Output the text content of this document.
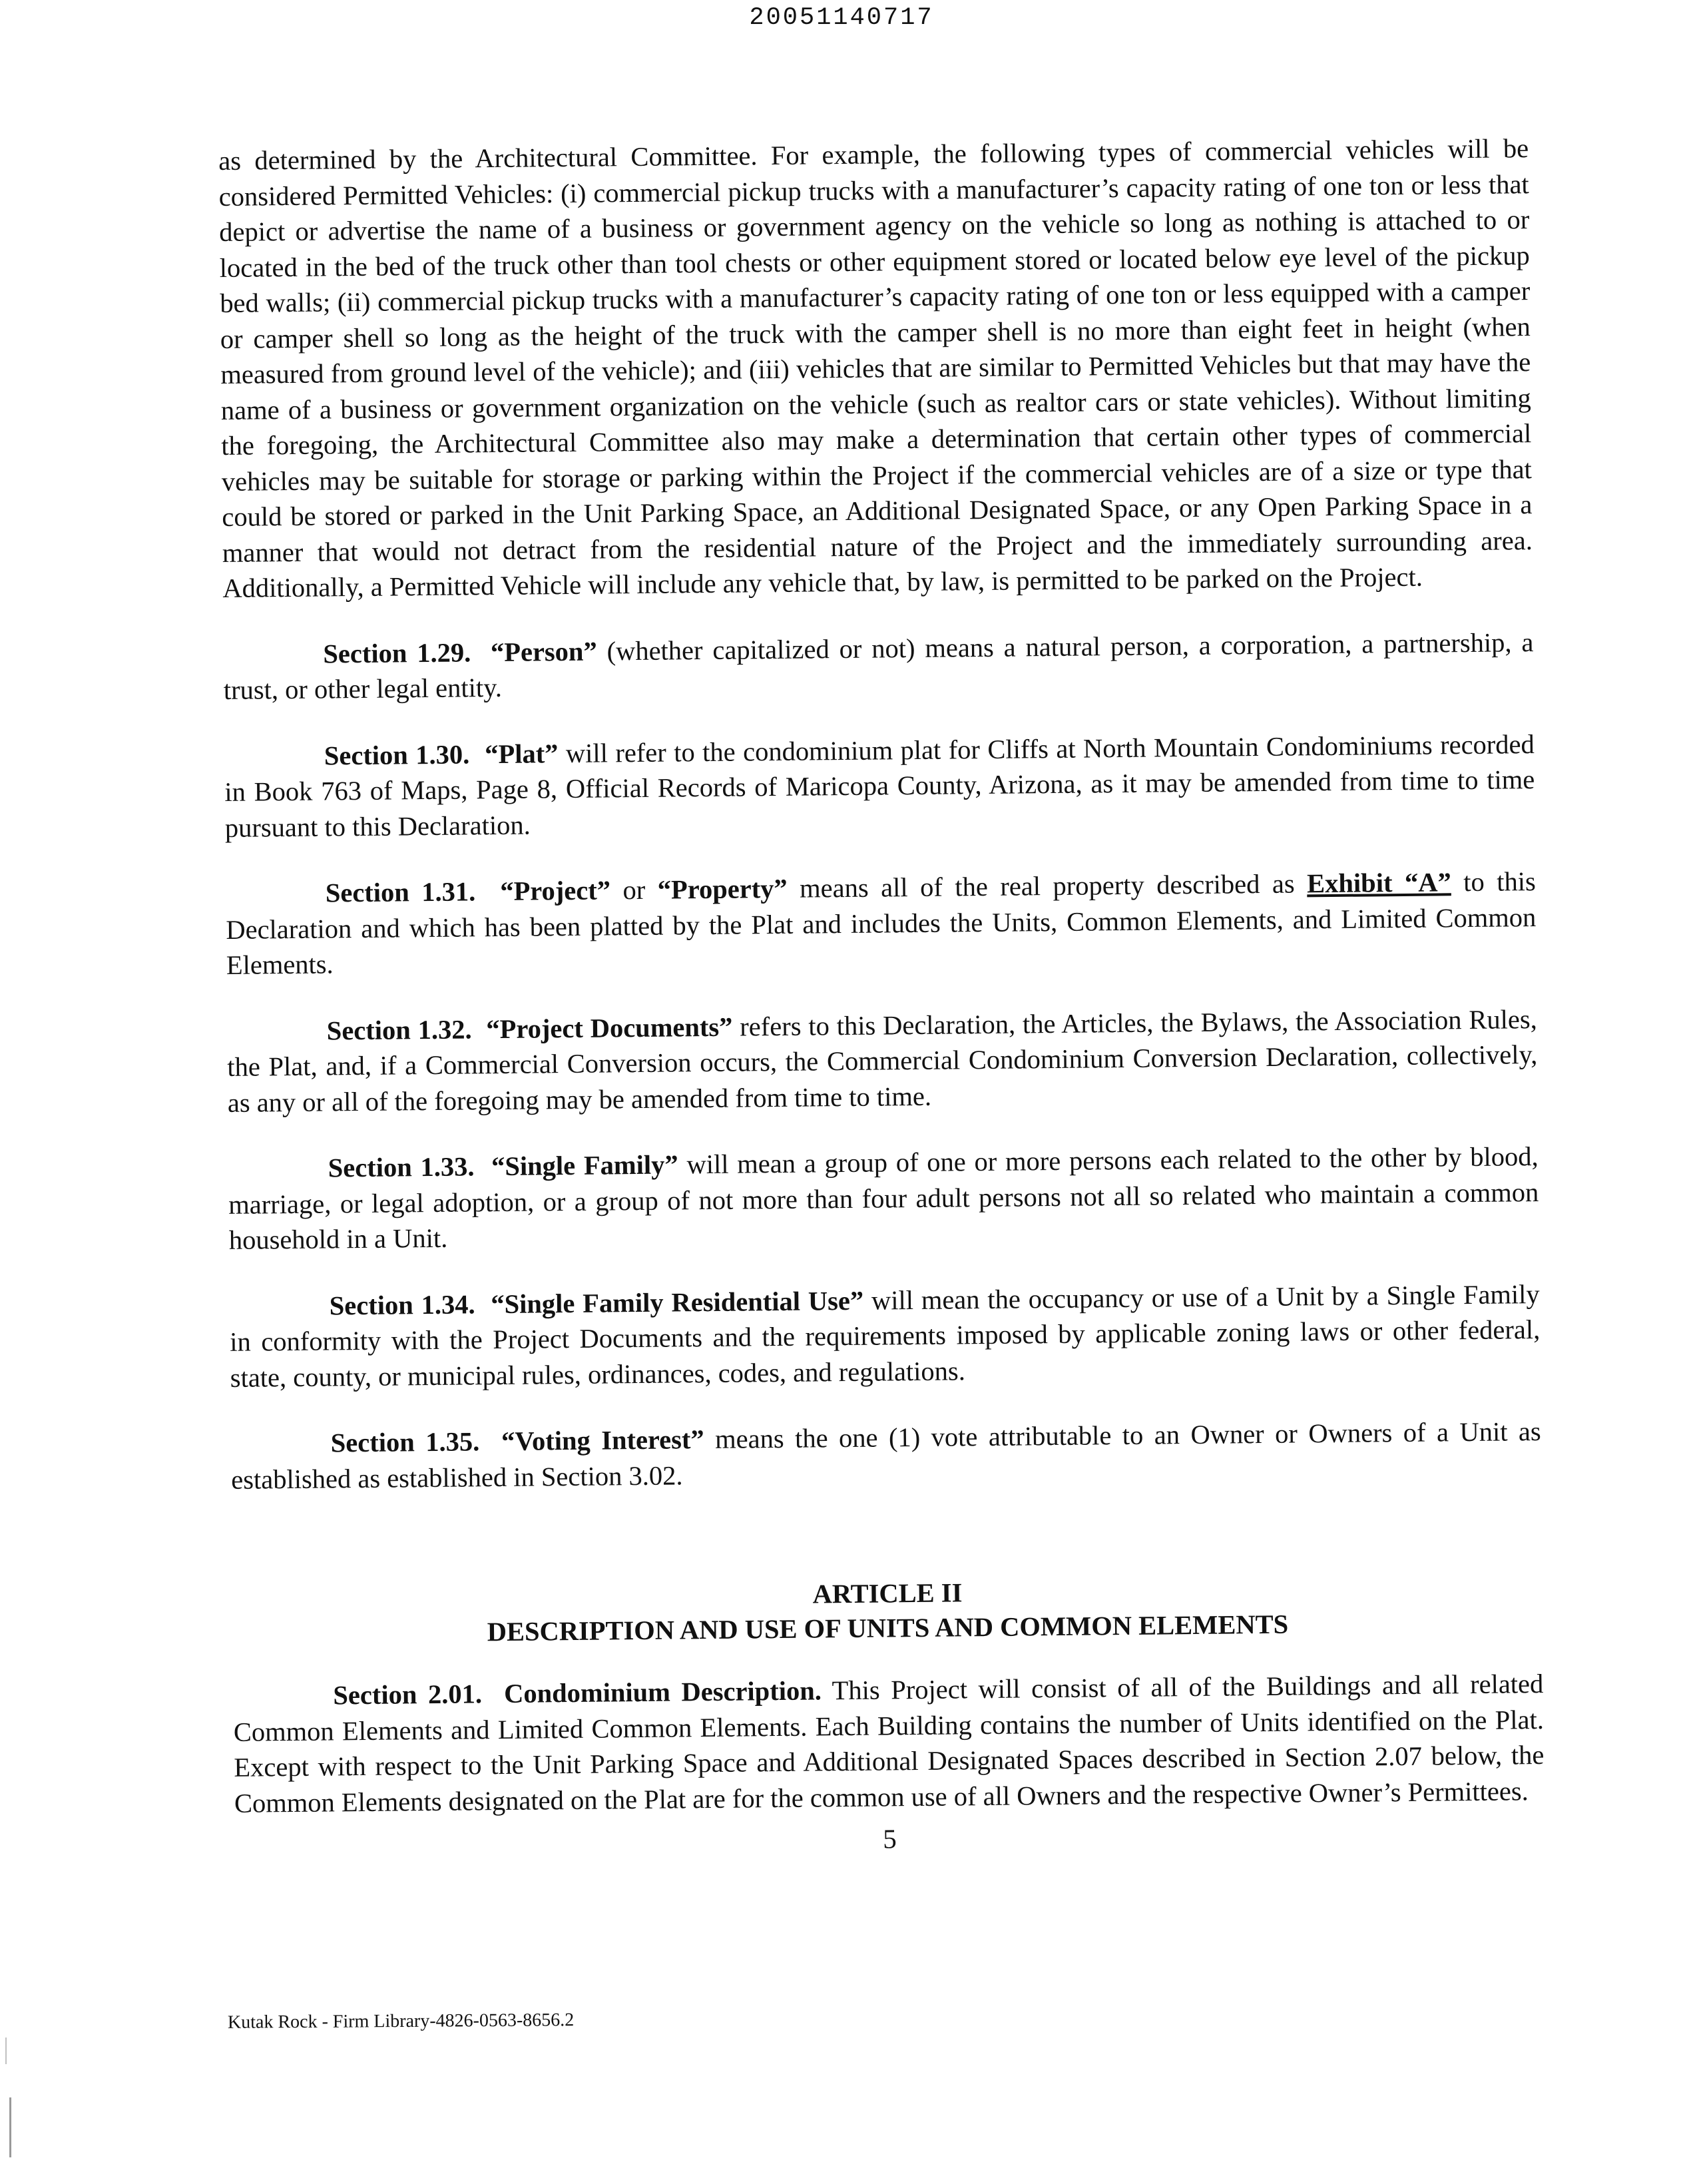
20051140717

as determined by the Architectural Committee. For example, the following types of commercial vehicles will be considered Permitted Vehicles: (i) commercial pickup trucks with a manufacturer’s capacity rating of one ton or less that depict or advertise the name of a business or government agency on the vehicle so long as nothing is attached to or located in the bed of the truck other than tool chests or other equipment stored or located below eye level of the pickup bed walls; (ii) commercial pickup trucks with a manufacturer’s capacity rating of one ton or less equipped with a camper or camper shell so long as the height of the truck with the camper shell is no more than eight feet in height (when measured from ground level of the vehicle); and (iii) vehicles that are similar to Permitted Vehicles but that may have the name of a business or government organization on the vehicle (such as realtor cars or state vehicles). Without limiting the foregoing, the Architectural Committee also may make a determination that certain other types of commercial vehicles may be suitable for storage or parking within the Project if the commercial vehicles are of a size or type that could be stored or parked in the Unit Parking Space, an Additional Designated Space, or any Open Parking Space in a manner that would not detract from the residential nature of the Project and the immediately surrounding area. Additionally, a Permitted Vehicle will include any vehicle that, by law, is permitted to be parked on the Project.

Section 1.29. “Person” (whether capitalized or not) means a natural person, a corporation, a partnership, a trust, or other legal entity.

Section 1.30. “Plat” will refer to the condominium plat for Cliffs at North Mountain Condominiums recorded in Book 763 of Maps, Page 8, Official Records of Maricopa County, Arizona, as it may be amended from time to time pursuant to this Declaration.

Section 1.31. “Project” or “Property” means all of the real property described as Exhibit “A” to this Declaration and which has been platted by the Plat and includes the Units, Common Elements, and Limited Common Elements.

Section 1.32. “Project Documents” refers to this Declaration, the Articles, the Bylaws, the Association Rules, the Plat, and, if a Commercial Conversion occurs, the Commercial Condominium Conversion Declaration, collectively, as any or all of the foregoing may be amended from time to time.

Section 1.33. “Single Family” will mean a group of one or more persons each related to the other by blood, marriage, or legal adoption, or a group of not more than four adult persons not all so related who maintain a common household in a Unit.

Section 1.34. “Single Family Residential Use” will mean the occupancy or use of a Unit by a Single Family in conformity with the Project Documents and the requirements imposed by applicable zoning laws or other federal, state, county, or municipal rules, ordinances, codes, and regulations.

Section 1.35. “Voting Interest” means the one (1) vote attributable to an Owner or Owners of a Unit as established as established in Section 3.02.

ARTICLE II
DESCRIPTION AND USE OF UNITS AND COMMON ELEMENTS

Section 2.01. Condominium Description. This Project will consist of all of the Buildings and all related Common Elements and Limited Common Elements. Each Building contains the number of Units identified on the Plat. Except with respect to the Unit Parking Space and Additional Designated Spaces described in Section 2.07 below, the Common Elements designated on the Plat are for the common use of all Owners and the respective Owner’s Permittees.

5
Kutak Rock - Firm Library-4826-0563-8656.2
